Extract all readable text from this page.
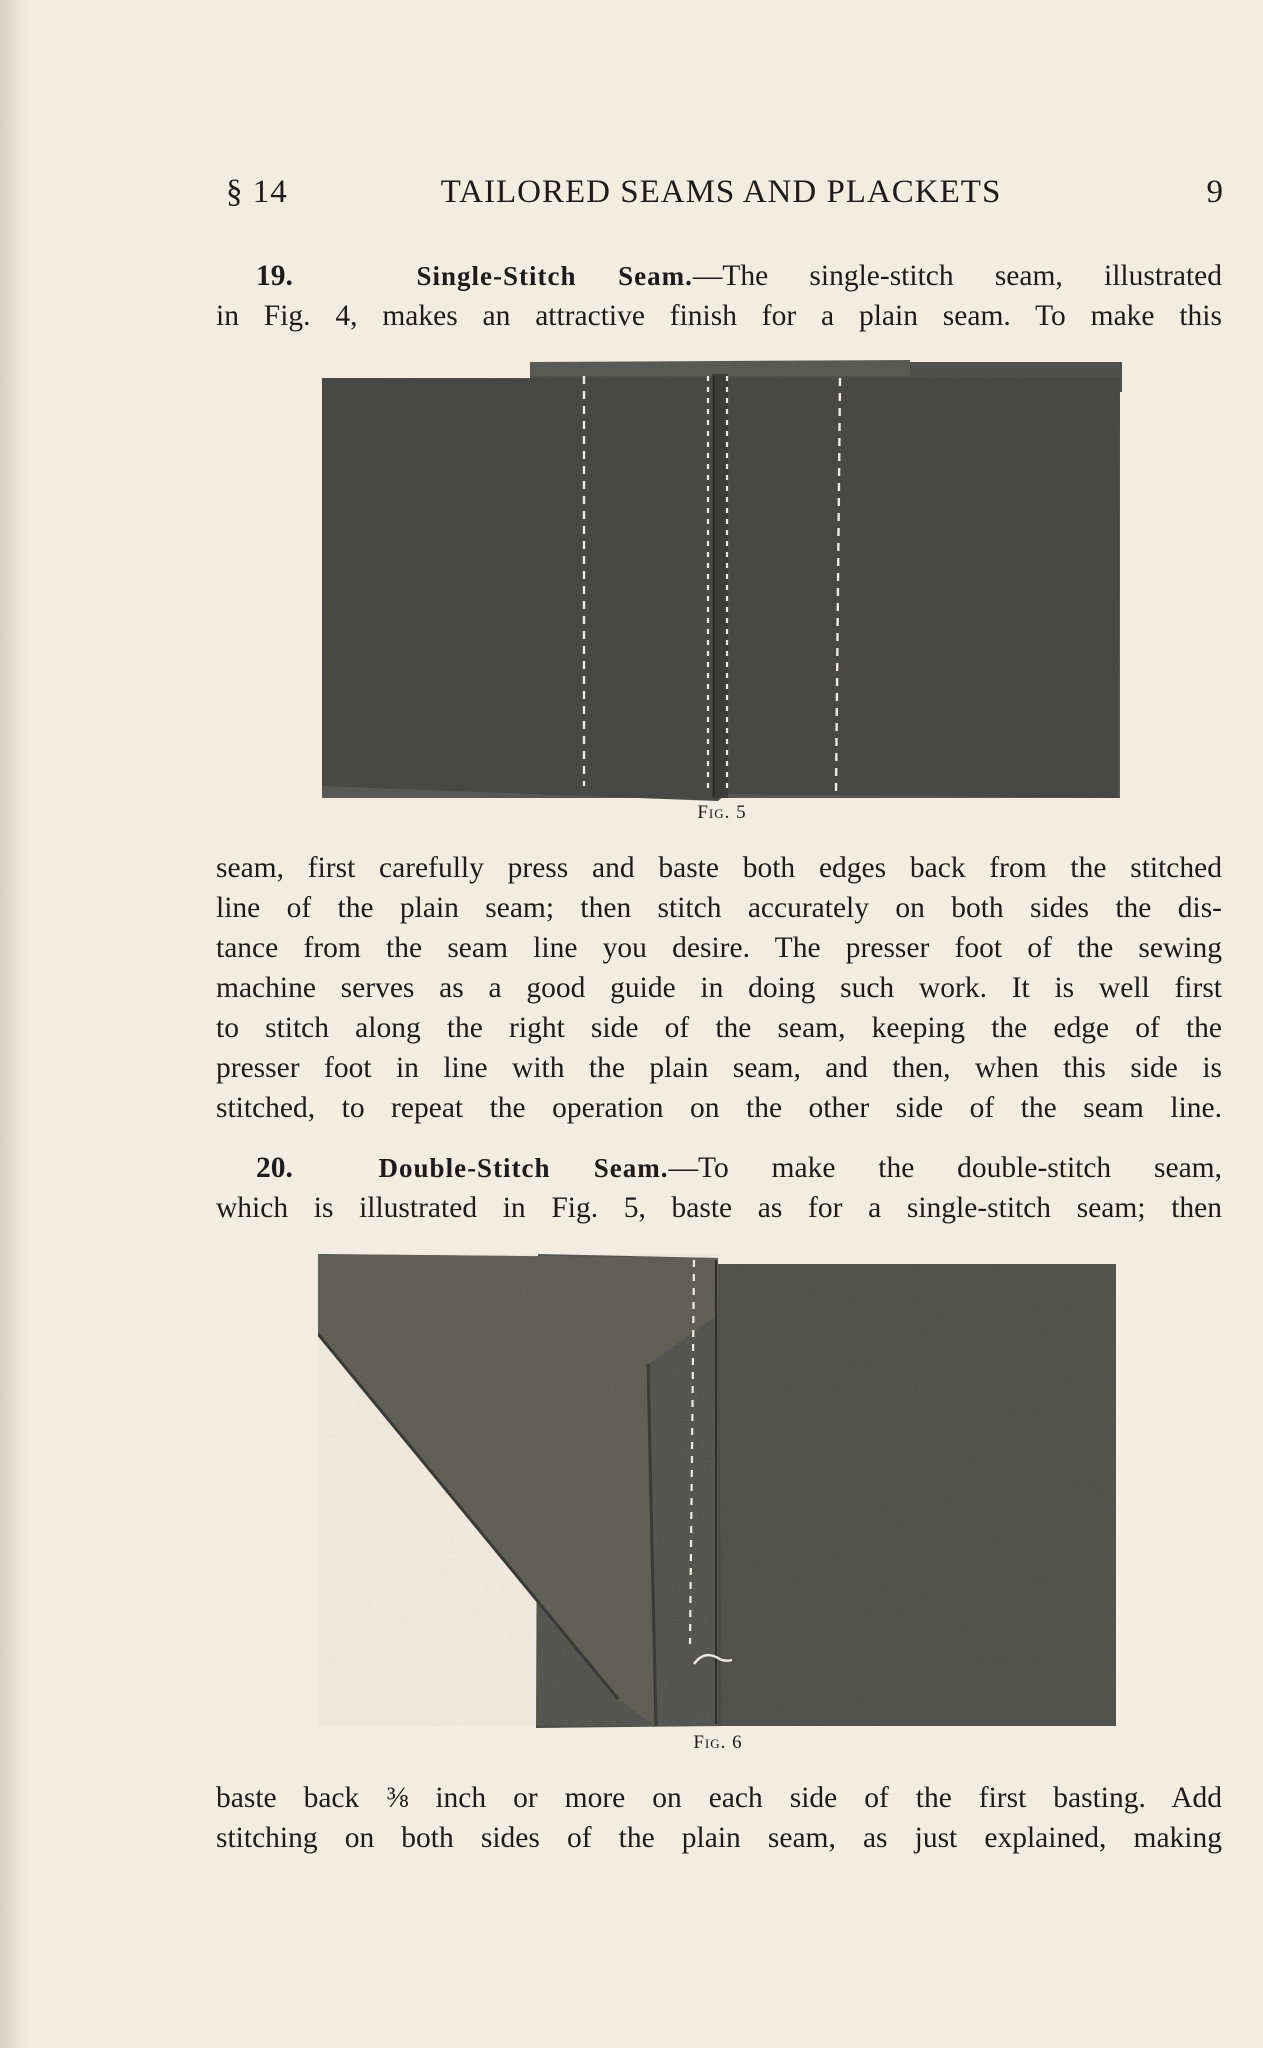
§ 14	TAILORED SEAMS AND PLACKETS	9
19.	Single-Stitch Seam.—The single-stitch seam, illustrated
in Fig. 4, makes an attractive finish for a plain seam. To make this
Fig. 5
seam, first carefully press and baste both edges back from the stitched
line of the plain seam; then stitch accurately on both sides the dis-
tance from the seam line you desire. The presser foot of the sewing
machine serves as a good guide in doing such work. It is well first
to stitch along the right side of the seam, keeping the edge of the
presser foot in line with the plain seam, and then, when this side is
stitched, to repeat the operation on the other side of the seam line.
20.	Double-Stitch Seam.—To make the double-stitch seam,
which is illustrated in Fig. 5, baste as for a single-stitch seam; then
Fig. 6
baste back ⅜ inch or more on each side of the first basting. Add
stitching on both sides of the plain seam, as just explained, making
